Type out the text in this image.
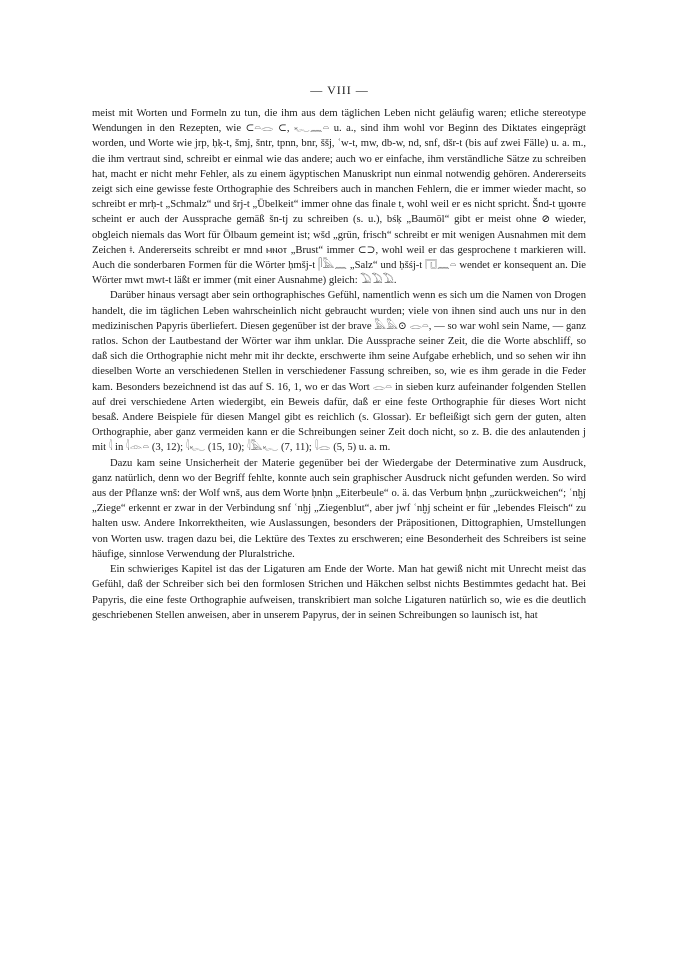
— VIII —

meist mit Worten und Formeln zu tun, die ihm aus dem täglichen Leben nicht geläufig waren; etliche stereotype Wendungen in den Rezepten, wie ⊂𓏏𓂋 ⊂, 𓆑𓈖𓏏 u. a., sind ihm wohl vor Beginn des Diktates eingeprägt worden, und Worte wie jrp, ḥḳ-t, šmj, šntr, tpnn, bnr, ššj, ʿw-t, mw, db-w, nd, snf, dšr-t (bis auf zwei Fälle) u. a. m., die ihm vertraut sind, schreibt er einmal wie das andere; auch wo er einfache, ihm verständliche Sätze zu schreiben hat, macht er nicht mehr Fehler, als zu einem ägyptischen Manuskript nun einmal notwendig gehören. Andererseits zeigt sich eine gewisse feste Orthographie des Schreibers auch in manchen Fehlern, die er immer wieder macht, so schreibt er mrḥ-t „Schmalz“ und šrj-t „Übelkeit“ immer ohne das finale t, wohl weil er es nicht spricht. Šnd-t ϣⲟⲛⲧⲉ scheint er auch der Aussprache gemäß šn-tj zu schreiben (s. u.), bśḳ „Baumöl“ gibt er meist ohne ⊘ wieder, obgleich niemals das Wort für Ölbaum gemeint ist; wšd „grün, frisch“ schreibt er mit wenigen Ausnahmen mit dem Zeichen ǂ. Andererseits schreibt er mnd ⲙⲛⲟⲧ „Brust“ immer ⊂⊃, wohl weil er das gesprochene t markieren will. Auch die sonderbaren Formen für die Wörter ḥmšj-t 𓋴𓅓𓈖 „Salz“ und ḥšśj-t 𓉔𓈖𓏏 wendet er konsequent an. Die Wörter mwt mwt-t läßt er immer (mit einer Ausnahme) gleich: 𓅐𓅐𓅐.

Darüber hinaus versagt aber sein orthographisches Gefühl, namentlich wenn es sich um die Namen von Drogen handelt, die im täglichen Leben wahrscheinlich nicht gebraucht wurden; viele von ihnen sind auch uns nur in den medizinischen Papyris überliefert. Diesen gegenüber ist der brave 𓅓𓅓⊙ 𓂋𓏏, — so war wohl sein Name, — ganz ratlos. Schon der Lautbestand der Wörter war ihm unklar. Die Aussprache seiner Zeit, die die Worte abschliff, so daß sich die Orthographie nicht mehr mit ihr deckte, erschwerte ihm seine Aufgabe erheblich, und so sehen wir ihn dieselben Worte an verschiedenen Stellen in verschiedener Fassung schreiben, so, wie es ihm gerade in die Feder kam. Besonders bezeichnend ist das auf S. 16, 1, wo er das Wort 𓂋𓏏 in sieben kurz aufeinander folgenden Stellen auf drei verschiedene Arten wiedergibt, ein Beweis dafür, daß er eine feste Orthographie für dieses Wort nicht besaß. Andere Beispiele für diesen Mangel gibt es reichlich (s. Glossar). Er befleißigt sich gern der guten, alten Orthographie, aber ganz vermeiden kann er die Schreibungen seiner Zeit doch nicht, so z. B. die des anlautenden j mit 𓇋 in 𓇋𓁹𓏏 (3, 12); 𓇋𓆑 (15, 10); 𓇋𓅓𓆑 (7, 11); 𓇋𓂋 (5, 5) u. a. m.

Dazu kam seine Unsicherheit der Materie gegenüber bei der Wiedergabe der Determinative zum Ausdruck, ganz natürlich, denn wo der Begriff fehlte, konnte auch sein graphischer Ausdruck nicht gefunden werden. So wird aus der Pflanze wnš: der Wolf wnš, aus dem Worte ḥnḥn „Eiterbeule“ o. ä. das Verbum ḥnḥn „zurückweichen“; ʿnḫj „Ziege“ erkennt er zwar in der Verbindung snf ʿnḫj „Ziegenblut“, aber jwf ʿnḫj scheint er für „lebendes Fleisch“ zu halten usw. Andere Inkorrektheiten, wie Auslassungen, besonders der Präpositionen, Dittographien, Umstellungen von Worten usw. tragen dazu bei, die Lektüre des Textes zu erschweren; eine Besonderheit des Schreibers ist seine häufige, sinnlose Verwendung der Pluralstriche.

Ein schwieriges Kapitel ist das der Ligaturen am Ende der Worte. Man hat gewiß nicht mit Unrecht meist das Gefühl, daß der Schreiber sich bei den formlosen Strichen und Häkchen selbst nichts Bestimmtes gedacht hat. Bei Papyris, die eine feste Orthographie aufweisen, transkribiert man solche Ligaturen natürlich so, wie es die deutlich geschriebenen Stellen anweisen, aber in unserem Papyrus, der in seinen Schreibungen so launisch ist, hat
